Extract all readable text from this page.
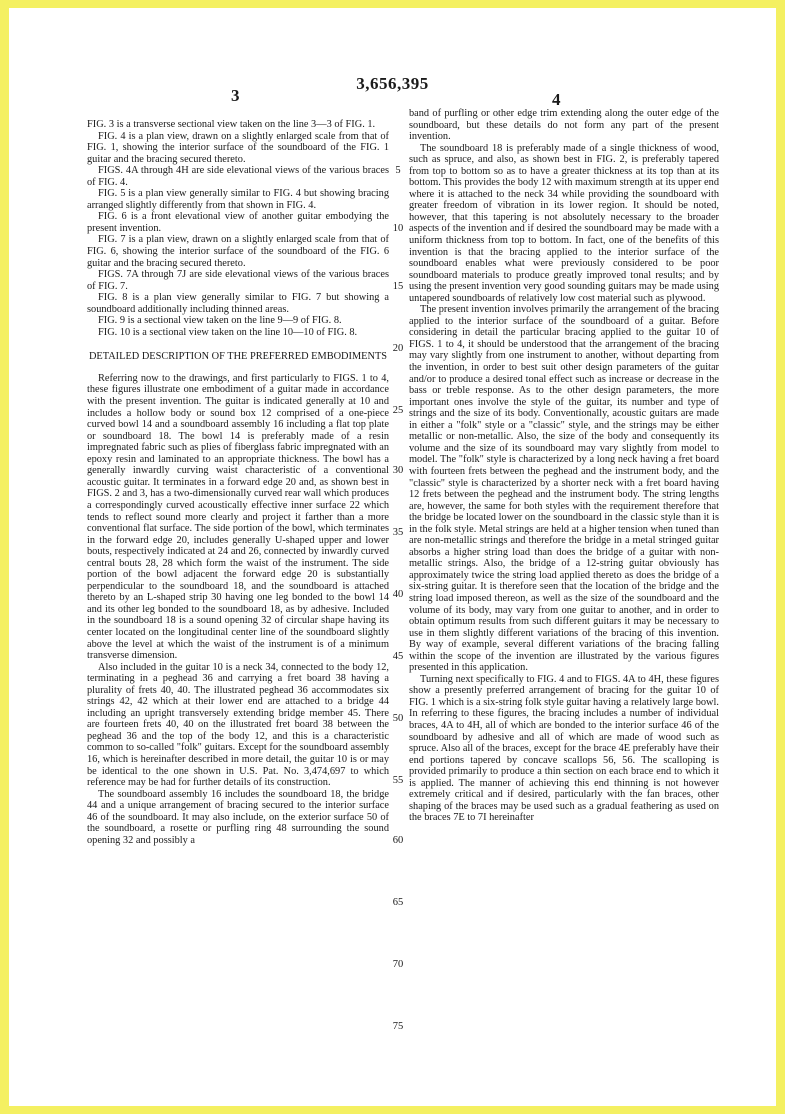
3,656,395
3	4

FIG. 3 is a transverse sectional view taken on the line 3—3 of FIG. 1.

FIG. 4 is a plan view, drawn on a slightly enlarged scale from that of FIG. 1, showing the interior surface of the soundboard of the FIG. 1 guitar and the bracing secured thereto.

FIGS. 4A through 4H are side elevational views of the various braces of FIG. 4.

FIG. 5 is a plan view generally similar to FIG. 4 but showing bracing arranged slightly differently from that shown in FIG. 4.

FIG. 6 is a front elevational view of another guitar embodying the present invention.

FIG. 7 is a plan view, drawn on a slightly enlarged scale from that of FIG. 6, showing the interior surface of the soundboard of the FIG. 6 guitar and the bracing secured thereto.

FIGS. 7A through 7J are side elevational views of the various braces of FIG. 7.

FIG. 8 is a plan view generally similar to FIG. 7 but showing a soundboard additionally including thinned areas.

FIG. 9 is a sectional view taken on the line 9—9 of FIG. 8.

FIG. 10 is a sectional view taken on the line 10—10 of FIG. 8.

DETAILED DESCRIPTION OF THE PREFERRED EMBODIMENTS

Referring now to the drawings, and first particularly to FIGS. 1 to 4, these figures illustrate one embodiment of a guitar made in accordance with the present invention. The guitar is indicated generally at 10 and includes a hollow body or sound box 12 comprised of a one-piece curved bowl 14 and a soundboard assembly 16 including a flat top plate or soundboard 18. The bowl 14 is preferably made of a resin impregnated fabric such as plies of fiberglass fabric impregnated with an epoxy resin and laminated to an appropriate thickness. The bowl has a generally inwardly curving waist characteristic of a conventional acoustic guitar. It terminates in a forward edge 20 and, as shown best in FIGS. 2 and 3, has a two-dimensionally curved rear wall which produces a correspondingly curved acoustically effective inner surface 22 which tends to reflect sound more clearly and project it farther than a more conventional flat surface. The side portion of the bowl, which terminates in the forward edge 20, includes generally U-shaped upper and lower bouts, respectively indicated at 24 and 26, connected by inwardly curved central bouts 28, 28 which form the waist of the instrument. The side portion of the bowl adjacent the forward edge 20 is substantially perpendicular to the soundboard 18, and the soundboard is attached thereto by an L-shaped strip 30 having one leg bonded to the bowl 14 and its other leg bonded to the soundboard 18, as by adhesive. Included in the soundboard 18 is a sound opening 32 of circular shape having its center located on the longitudinal center line of the soundboard slightly above the level at which the waist of the instrument is of a minimum transverse dimension.

Also included in the guitar 10 is a neck 34, connected to the body 12, terminating in a peghead 36 and carrying a fret board 38 having a plurality of frets 40, 40. The illustrated peghead 36 accommodates six strings 42, 42 which at their lower end are attached to a bridge 44 including an upright transversely extending bridge member 45. There are fourteen frets 40, 40 on the illustrated fret board 38 between the peghead 36 and the top of the body 12, and this is a characteristic common to so-called "folk" guitars. Except for the soundboard assembly 16, which is hereinafter described in more detail, the guitar 10 is or may be identical to the one shown in U.S. Pat. No. 3,474,697 to which reference may be had for further details of its construction.

The soundboard assembly 16 includes the soundboard 18, the bridge 44 and a unique arrangement of bracing secured to the interior surface 46 of the soundboard. It may also include, on the exterior surface 50 of the soundboard, a rosette or purfling ring 48 surrounding the sound opening 32 and possibly a

band of purfling or other edge trim extending along the outer edge of the soundboard, but these details do not form any part of the present invention.

The soundboard 18 is preferably made of a single thickness of wood, such as spruce, and also, as shown best in FIG. 2, is preferably tapered from top to bottom so as to have a greater thickness at its top than at its bottom. This provides the body 12 with maximum strength at its upper end where it is attached to the neck 34 while providing the soundboard with greater freedom of vibration in its lower region. It should be noted, however, that this tapering is not absolutely necessary to the broader aspects of the invention and if desired the soundboard may be made with a uniform thickness from top to bottom. In fact, one of the benefits of this invention is that the bracing applied to the interior surface of the soundboard enables what were previously considered to be poor soundboard materials to produce greatly improved tonal results; and by using the present invention very good sounding guitars may be made using untapered soundboards of relatively low cost material such as plywood.

The present invention involves primarily the arrangement of the bracing applied to the interior surface of the soundboard of a guitar. Before considering in detail the particular bracing applied to the guitar 10 of FIGS. 1 to 4, it should be understood that the arrangement of the bracing may vary slightly from one instrument to another, without departing from the invention, in order to best suit other design parameters of the guitar and/or to produce a desired tonal effect such as increase or decrease in the bass or treble response. As to the other design parameters, the more important ones involve the style of the guitar, its number and type of strings and the size of its body. Conventionally, acoustic guitars are made in either a "folk" style or a "classic" style, and the strings may be either metallic or non-metallic. Also, the size of the body and consequently its volume and the size of its soundboard may vary slightly from model to model. The "folk" style is characterized by a long neck having a fret board with fourteen frets between the peghead and the instrument body, and the "classic" style is characterized by a shorter neck with a fret board having 12 frets between the peghead and the instrument body. The string lengths are, however, the same for both styles with the requirement therefore that the bridge be located lower on the soundboard in the classic style than it is in the folk style. Metal strings are held at a higher tension when tuned than are non-metallic strings and therefore the bridge in a metal stringed guitar absorbs a higher string load than does the bridge of a guitar with non-metallic strings. Also, the bridge of a 12-string guitar obviously has approximately twice the string load applied thereto as does the bridge of a six-string guitar. It is therefore seen that the location of the bridge and the string load imposed thereon, as well as the size of the soundboard and the volume of its body, may vary from one guitar to another, and in order to obtain optimum results from such different guitars it may be necessary to use in them slightly different variations of the bracing of this invention. By way of example, several different variations of the bracing falling within the scope of the invention are illustrated by the various figures presented in this application.

Turning next specifically to FIG. 4 and to FIGS. 4A to 4H, these figures show a presently preferred arrangement of bracing for the guitar 10 of FIG. 1 which is a six-string folk style guitar having a relatively large bowl. In referring to these figures, the bracing includes a number of individual braces, 4A to 4H, all of which are bonded to the interior surface 46 of the soundboard by adhesive and all of which are made of wood such as spruce. Also all of the braces, except for the brace 4E preferably have their end portions tapered by concave scallops 56, 56. The scalloping is provided primarily to produce a thin section on each brace end to which it is applied. The manner of achieving this end thinning is not however extremely critical and if desired, particularly with the fan braces, other shaping of the braces may be used such as a gradual feathering as used on the braces 7E to 7I hereinafter

5
10
15
20
25
30
35
40
45
50
55
60
65
70
75
